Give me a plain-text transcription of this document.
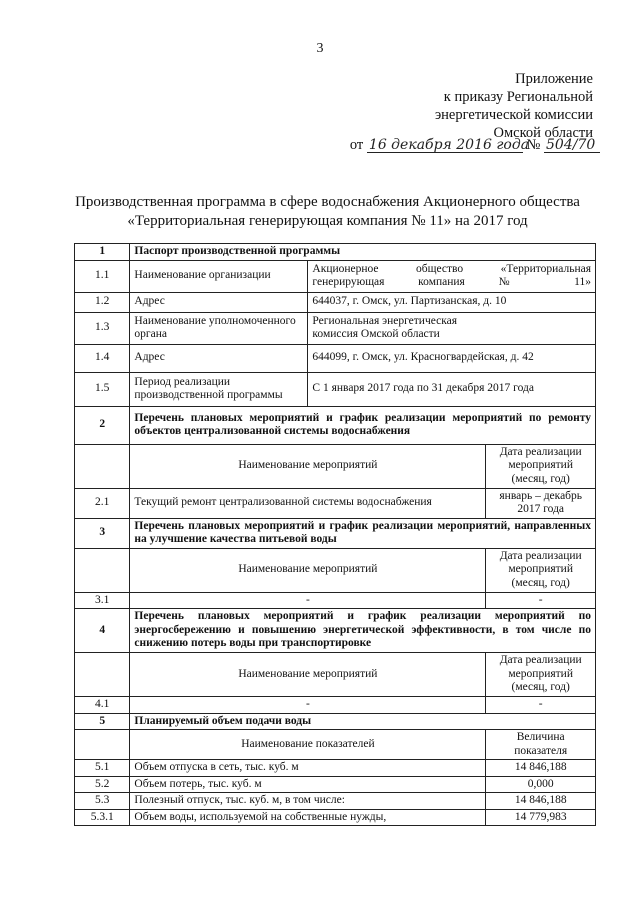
3
Приложение
к приказу Региональной
энергетической комиссии
Омской области
от 16 декабря 2016 года № 504/70
Производственная программа в сфере водоснабжения Акционерного общества
«Территориальная генерирующая компания № 11» на 2017 год
1	Паспорт производственной программы		
1.1	Наименование организации	Акционерное общество «Территориальная генерирующая компания № 11»	
1.2	Адрес	644037, г. Омск, ул. Партизанская, д. 10	
1.3	Наименование уполномоченного органа	Региональная энергетическая комиссия Омской области	
1.4	Адрес	644099, г. Омск, ул. Красногвардейская, д. 42	
1.5	Период реализации производственной программы	С 1 января 2017 года по 31 декабря 2017 года	
2	Перечень плановых мероприятий и график реализации мероприятий по ремонту объектов централизованной системы водоснабжения		
	Наименование мероприятий		Дата реализации мероприятий (месяц, год)
2.1	Текущий ремонт централизованной системы водоснабжения		январь – декабрь 2017 года
3	Перечень плановых мероприятий и график реализации мероприятий, направленных на улучшение качества питьевой воды		
	Наименование мероприятий		Дата реализации мероприятий (месяц, год)
3.1	-		-
4	Перечень плановых мероприятий и график реализации мероприятий по энергосбережению и повышению энергетической эффективности, в том числе по снижению потерь воды при транспортировке		
	Наименование мероприятий		Дата реализации мероприятий (месяц, год)
4.1	-		-
5	Планируемый объем подачи воды		
	Наименование показателей		Величина показателя
5.1	Объем отпуска в сеть, тыс. куб. м		14 846,188
5.2	Объем потерь, тыс. куб. м		0,000
5.3	Полезный отпуск, тыс. куб. м, в том числе:		14 846,188
5.3.1	Объем воды, используемой на собственные нужды,		14 779,983
